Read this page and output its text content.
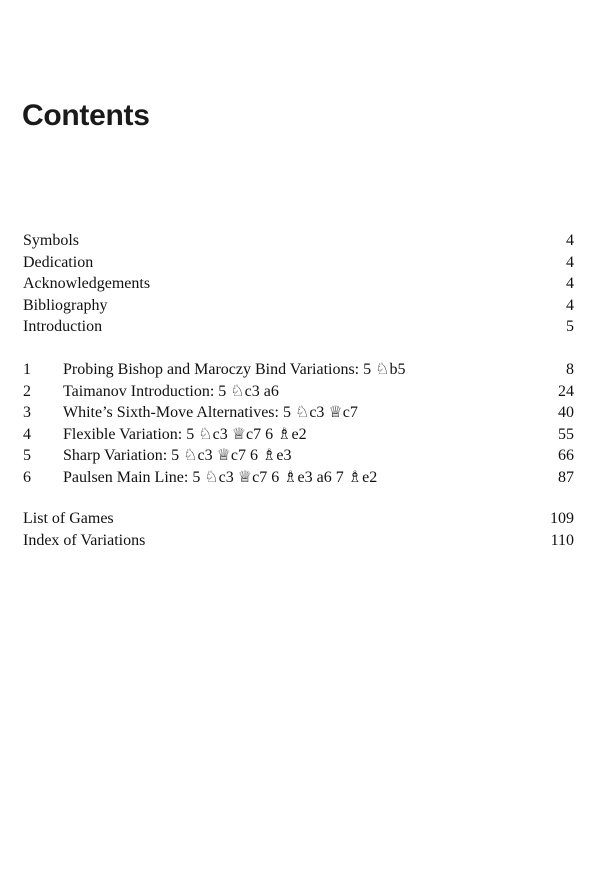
Contents
Symbols	4
Dedication	4
Acknowledgements	4
Bibliography	4
Introduction	5
1	Probing Bishop and Maroczy Bind Variations: 5 ♘b5	8
2	Taimanov Introduction: 5 ♘c3 a6	24
3	White’s Sixth-Move Alternatives: 5 ♘c3 ♕c7	40
4	Flexible Variation: 5 ♘c3 ♕c7 6 ♗e2	55
5	Sharp Variation: 5 ♘c3 ♕c7 6 ♗e3	66
6	Paulsen Main Line: 5 ♘c3 ♕c7 6 ♗e3 a6 7 ♗e2	87
List of Games	109
Index of Variations	110
